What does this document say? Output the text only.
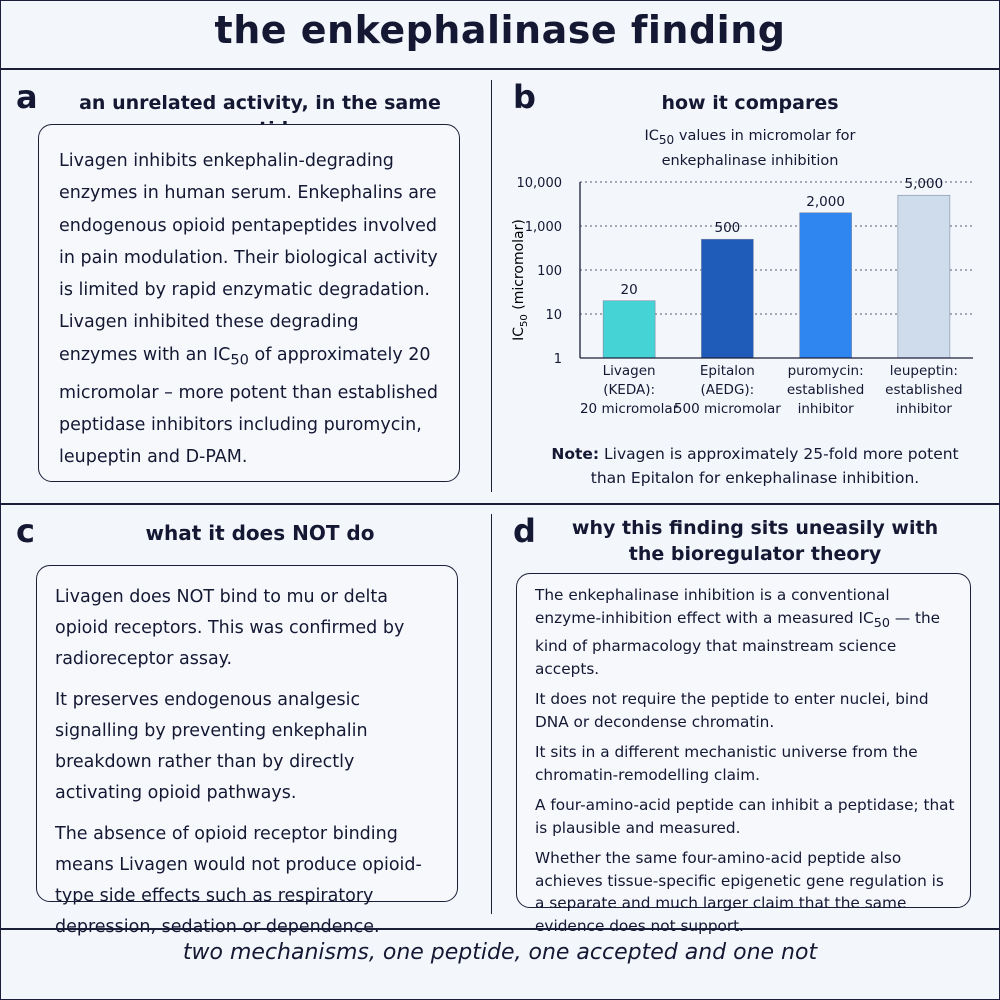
the enkephalinase finding
a	an unrelated activity, in the same

Livagen inhibits enkephalin-degrading enzymes in human serum. Enkephalins are endogenous opioid pentapeptides involved in pain modulation. Their biological activity is limited by rapid enzymatic degradation. Livagen inhibited these degrading enzymes with an $IC_{50}$ of approximately 20 micromolar – more potent than established peptidase inhibitors including puromycin, leupeptin and D-PAM.

b	how it compares
$IC_{50}$ values in micromolar for
enkephalinase inhibition
1
10
100
1,000
10,000
20
500
2,000
5,000
Livagen
(KEDA):
20 micromolar
Epitalon
(AEDG):
500 micromolar
puromycin:
established
inhibitor
leupeptin:
established
inhibitor
$IC_{50}$ (micromolar)
Note: Livagen is approximately 25-fold more potent
than Epitalon for enkephalinase inhibition.
c	what it does NOT do

Livagen does NOT bind to mu or delta opioid receptors. This was confirmed by radioreceptor assay.

It preserves endogenous analgesic signalling by preventing enkephalin breakdown rather than by directly activating opioid pathways.

The absence of opioid receptor binding means Livagen would not produce opioid-type side effects such as respiratory depression, sedation or dependence.

d	why this finding sits uneasily with
the bioregulator theory

The enkephalinase inhibition is a conventional enzyme-inhibition effect with a measured $IC_{50}$ — the kind of pharmacology that mainstream science accepts.

It does not require the peptide to enter nuclei, bind DNA or decondense chromatin.

It sits in a different mechanistic universe from the chromatin-remodelling claim.

A four-amino-acid peptide can inhibit a peptidase; that is plausible and measured.

Whether the same four-amino-acid peptide also achieves tissue-specific epigenetic gene regulation is a separate and much larger claim that the same evidence does not support.

two mechanisms, one peptide, one accepted and one not
